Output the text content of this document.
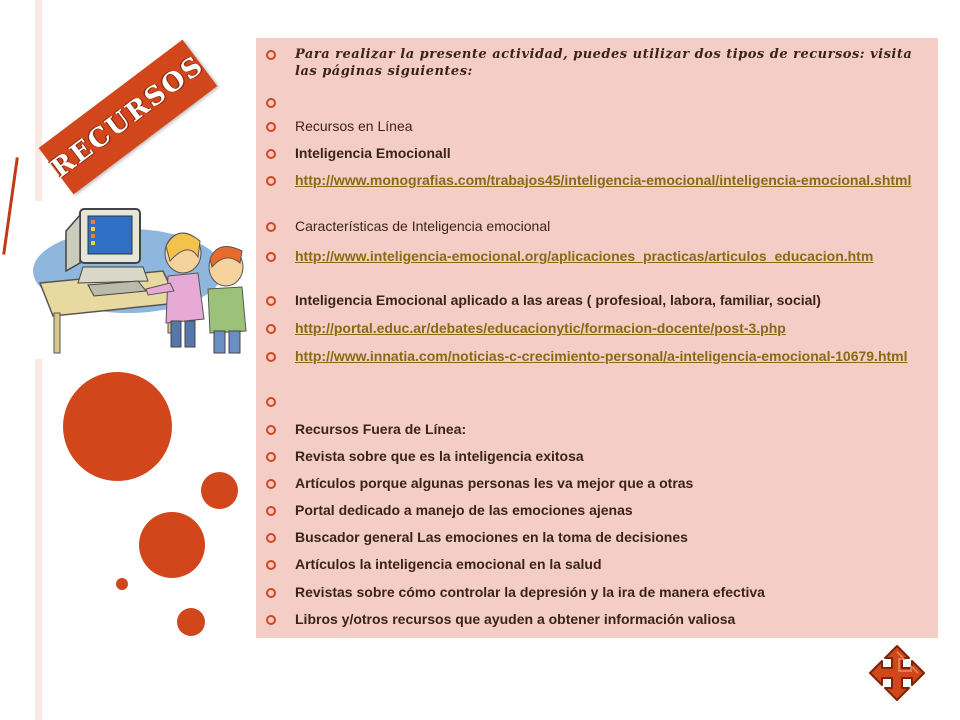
RECURSOS	Para realizar la presente actividad, puedes utilizar dos tipos de recursos: visita las páginas siguientes:
Recursos en Línea
Inteligencia Emocionall
http://www.monografias.com/trabajos45/inteligencia-emocional/inteligencia-emocional.shtml
Características de Inteligencia emocional
http://www.inteligencia-emocional.org/aplicaciones_practicas/articulos_educacion.htm
Inteligencia Emocional aplicado a las areas ( profesioal, labora, familiar, social)
http://portal.educ.ar/debates/educacionytic/formacion-docente/post-3.php
http://www.innatia.com/noticias-c-crecimiento-personal/a-inteligencia-emocional-10679.html
Recursos Fuera de Línea:
Revista sobre que es la inteligencia exitosa
Artículos porque algunas personas les va mejor que a otras
Portal dedicado a manejo de las emociones ajenas
Buscador general Las emociones en la toma de decisiones
Artículos la inteligencia emocional en la salud
Revistas sobre cómo controlar la depresión y la ira de manera efectiva
Libros y/otros recursos que ayuden a obtener información valiosa
